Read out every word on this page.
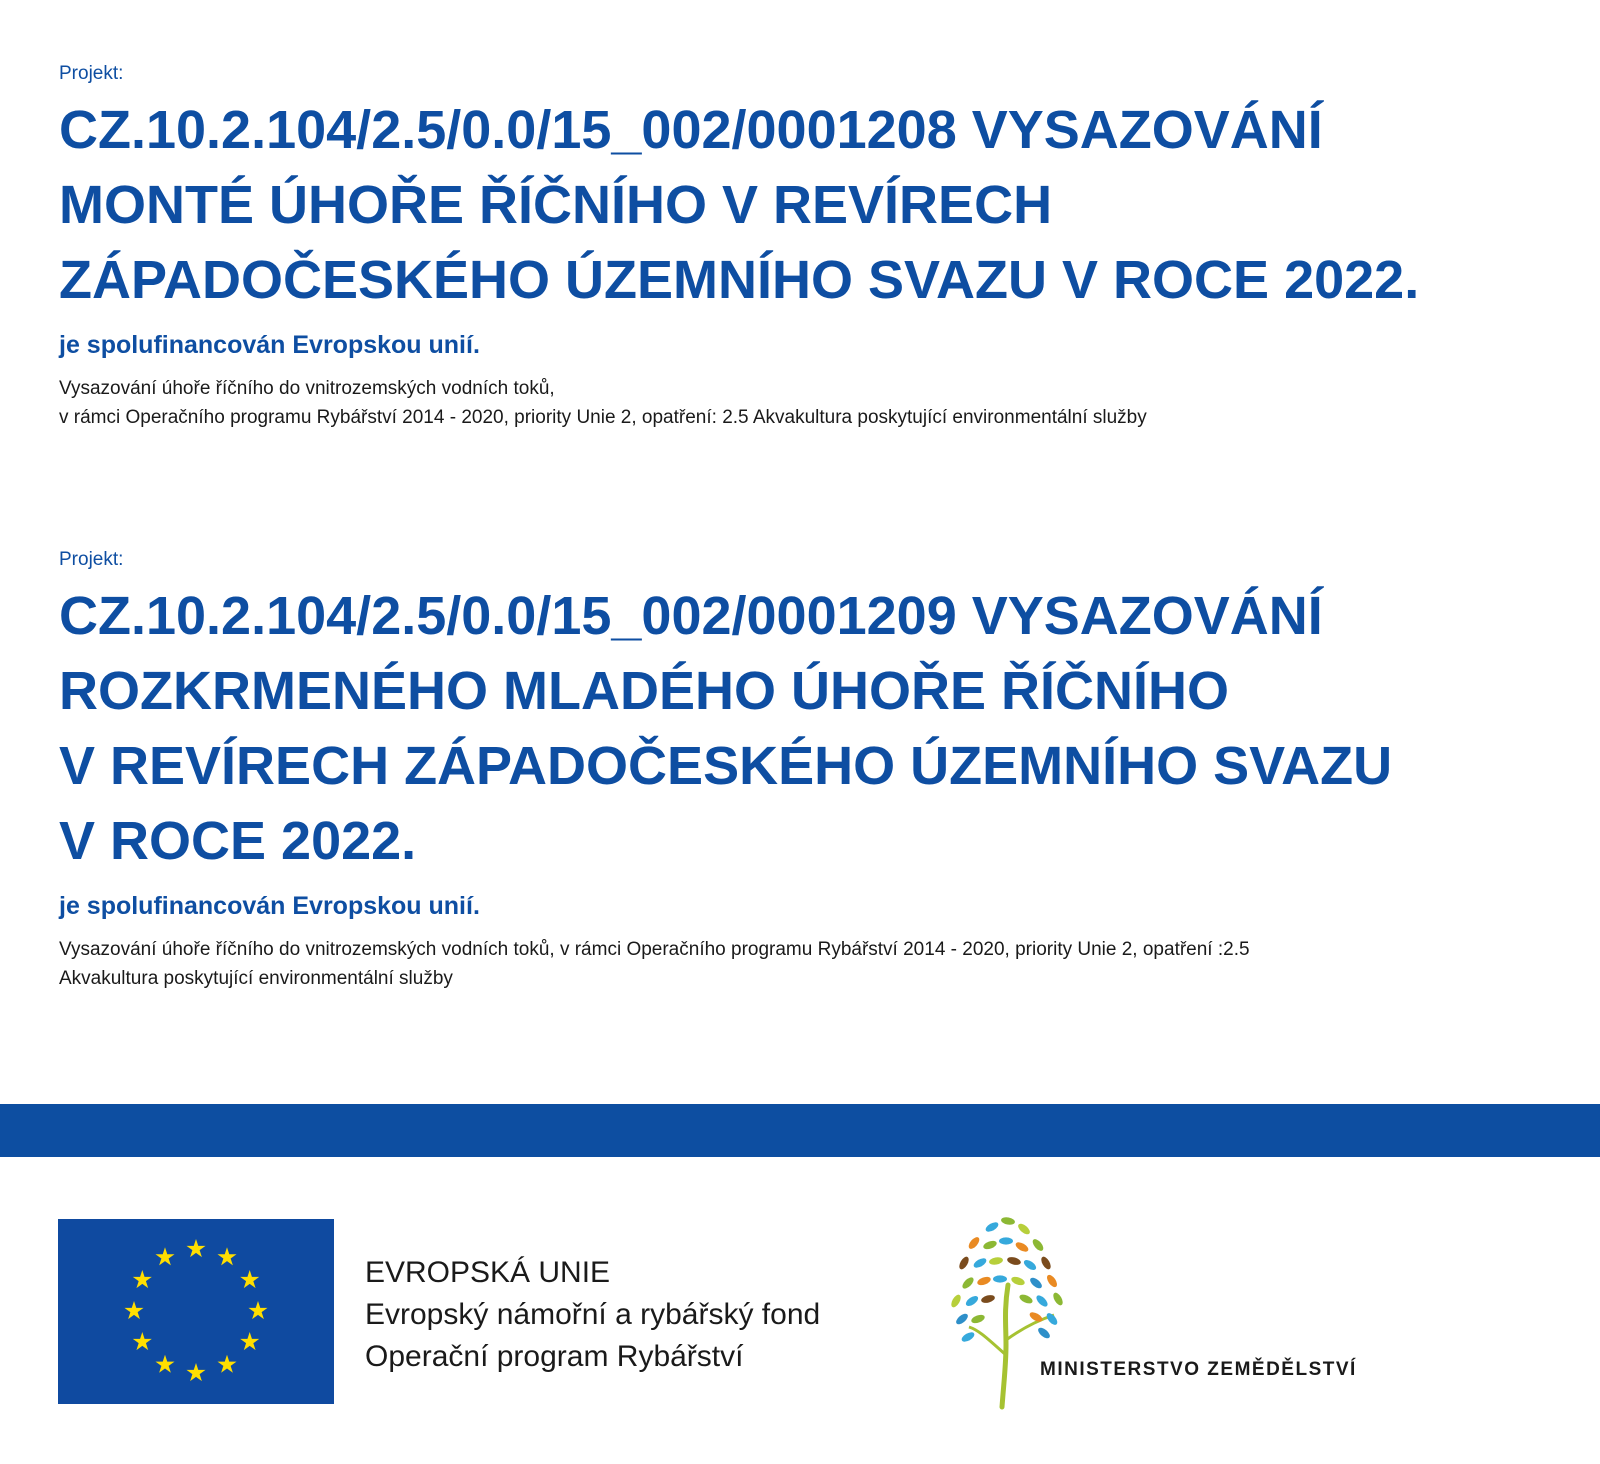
Projekt:

CZ.10.2.104/2.5/0.0/15_002/0001208 VYSAZOVÁNÍ
MONTÉ ÚHOŘE ŘÍČNÍHO V REVÍRECH
ZÁPADOČESKÉHO ÚZEMNÍHO SVAZU V ROCE 2022.

je spolufinancován Evropskou unií.

Vysazování úhoře říčního do vnitrozemských vodních toků,
v rámci Operačního programu Rybářství 2014 - 2020, priority Unie 2, opatření: 2.5 Akvakultura poskytující environmentální služby

Projekt:

CZ.10.2.104/2.5/0.0/15_002/0001209 VYSAZOVÁNÍ
ROZKRMENÉHO MLADÉHO ÚHOŘE ŘÍČNÍHO
V REVÍRECH ZÁPADOČESKÉHO ÚZEMNÍHO SVAZU
V ROCE 2022.

je spolufinancován Evropskou unií.

Vysazování úhoře říčního do vnitrozemských vodních toků, v rámci Operačního programu Rybářství 2014 - 2020, priority Unie 2, opatření :2.5
Akvakultura poskytující environmentální služby

EVROPSKÁ UNIE
Evropský námořní a rybářský fond
Operační program Rybářství	MINISTERSTVO ZEMĚDĚLSTVÍ
